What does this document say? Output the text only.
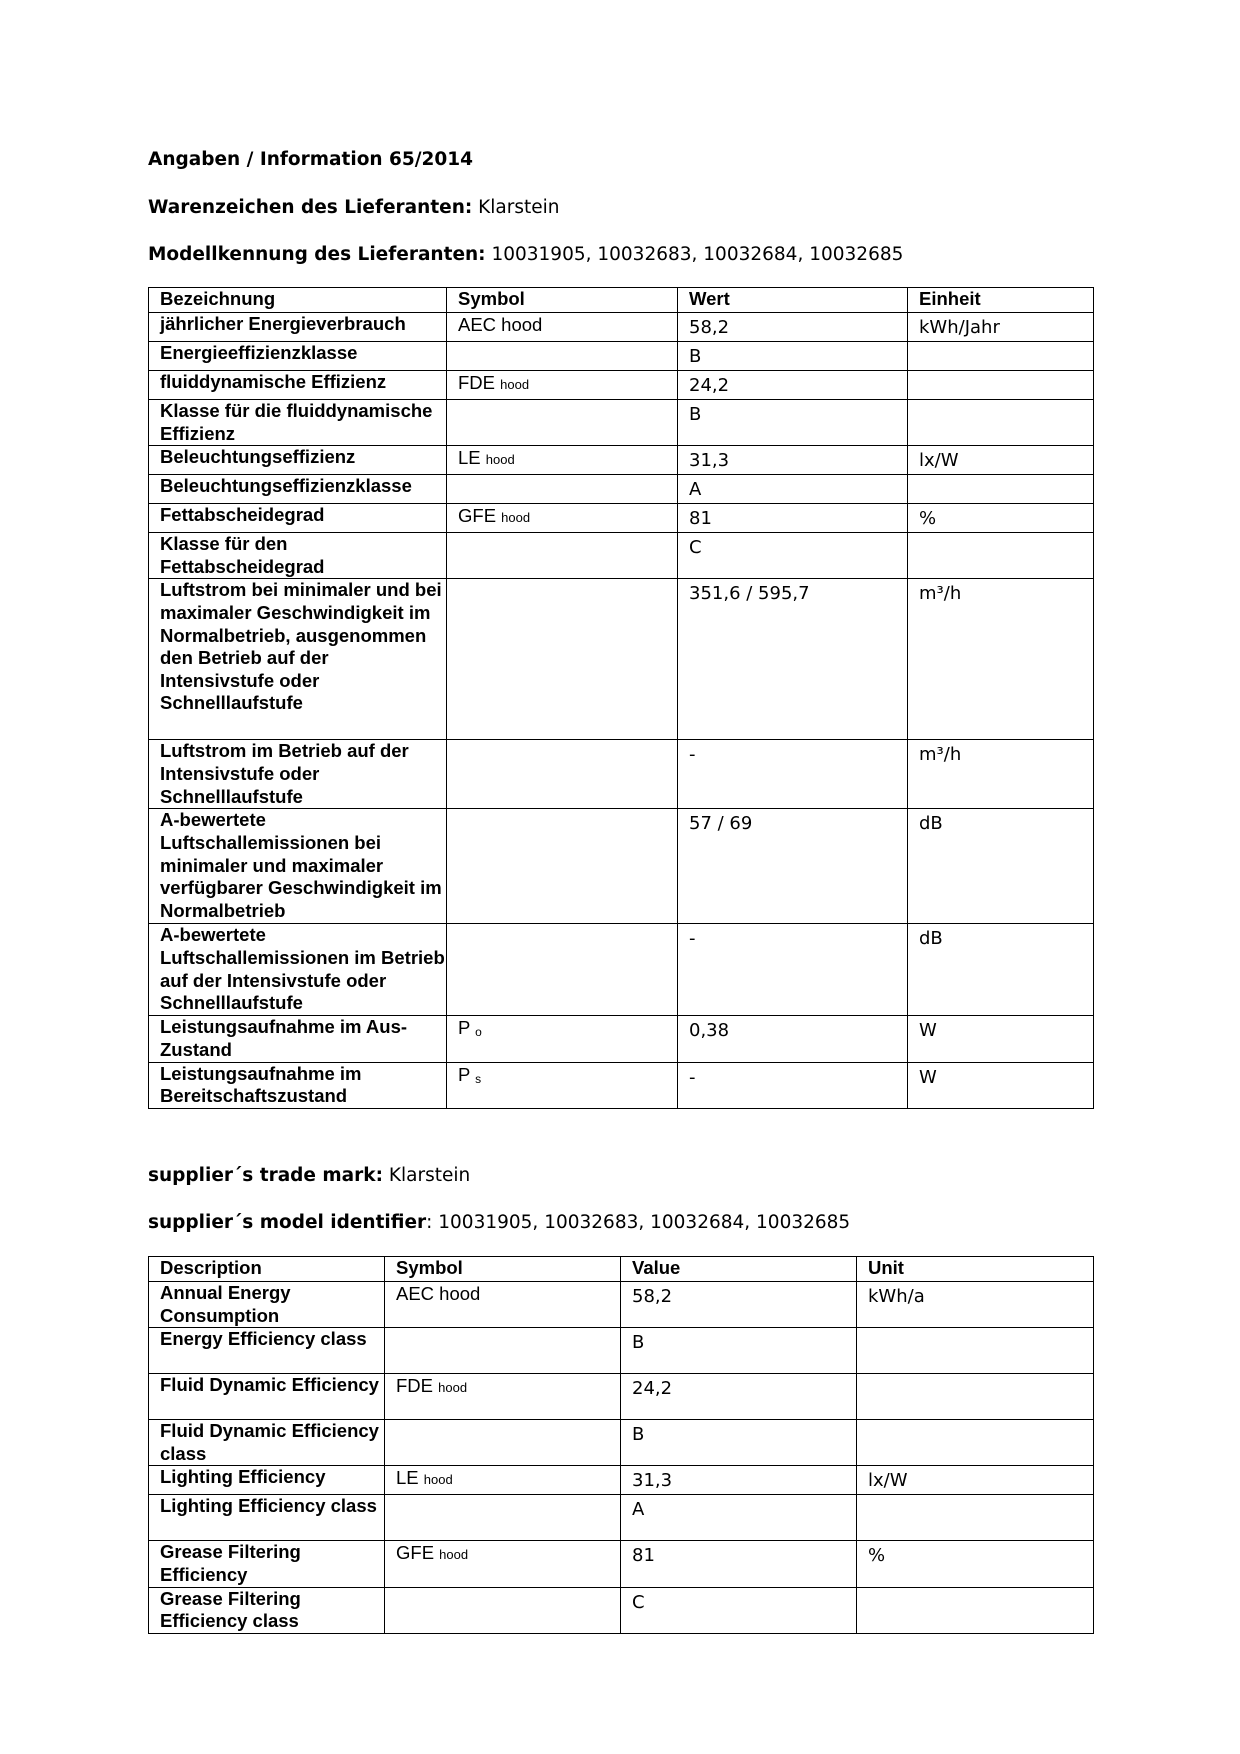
Angaben / Information 65/2014
Warenzeichen des Lieferanten: Klarstein
Modellkennung des Lieferanten: 10031905, 10032683, 10032684, 10032685
Bezeichnung	Symbol	Wert	Einheit
jährlicher Energieverbrauch	AEC hood	58,2	kWh/Jahr
Energieeffizienzklasse		B	
fluiddynamische Effizienz	FDE hood	24,2	
Klasse für die fluiddynamische Effizienz		B	
Beleuchtungseffizienz	LE hood	31,3	lx/W
Beleuchtungseffizienzklasse		A	
Fettabscheidegrad	GFE hood	81	%
Klasse für den Fettabscheidegrad		C	
Luftstrom bei minimaler und bei maximaler Geschwindigkeit im Normalbetrieb, ausgenommen den Betrieb auf der Intensivstufe oder Schnelllaufstufe		351,6 / 595,7	m³/h
Luftstrom im Betrieb auf der Intensivstufe oder Schnelllaufstufe		-	m³/h
A-bewertete Luftschallemissionen bei minimaler und maximaler verfügbarer Geschwindigkeit im Normalbetrieb		57 / 69	dB
A-bewertete Luftschallemissionen im Betrieb auf der Intensivstufe oder Schnelllaufstufe		-	dB
Leistungsaufnahme im Aus-Zustand	P $_o$	0,38	W
Leistungsaufnahme im Bereitschaftszustand	P $_s$	-	W
supplier´s trade mark: Klarstein
supplier´s model identifier: 10031905, 10032683, 10032684, 10032685
Description	Symbol	Value	Unit
Annual Energy Consumption	AEC hood	58,2	kWh/a
Energy Efficiency class		B	
Fluid Dynamic Efficiency	FDE hood	24,2	
Fluid Dynamic Efficiency class		B	
Lighting Efficiency	LE hood	31,3	lx/W
Lighting Efficiency class		A	
Grease Filtering Efficiency	GFE hood	81	%
Grease Filtering Efficiency class		C	
